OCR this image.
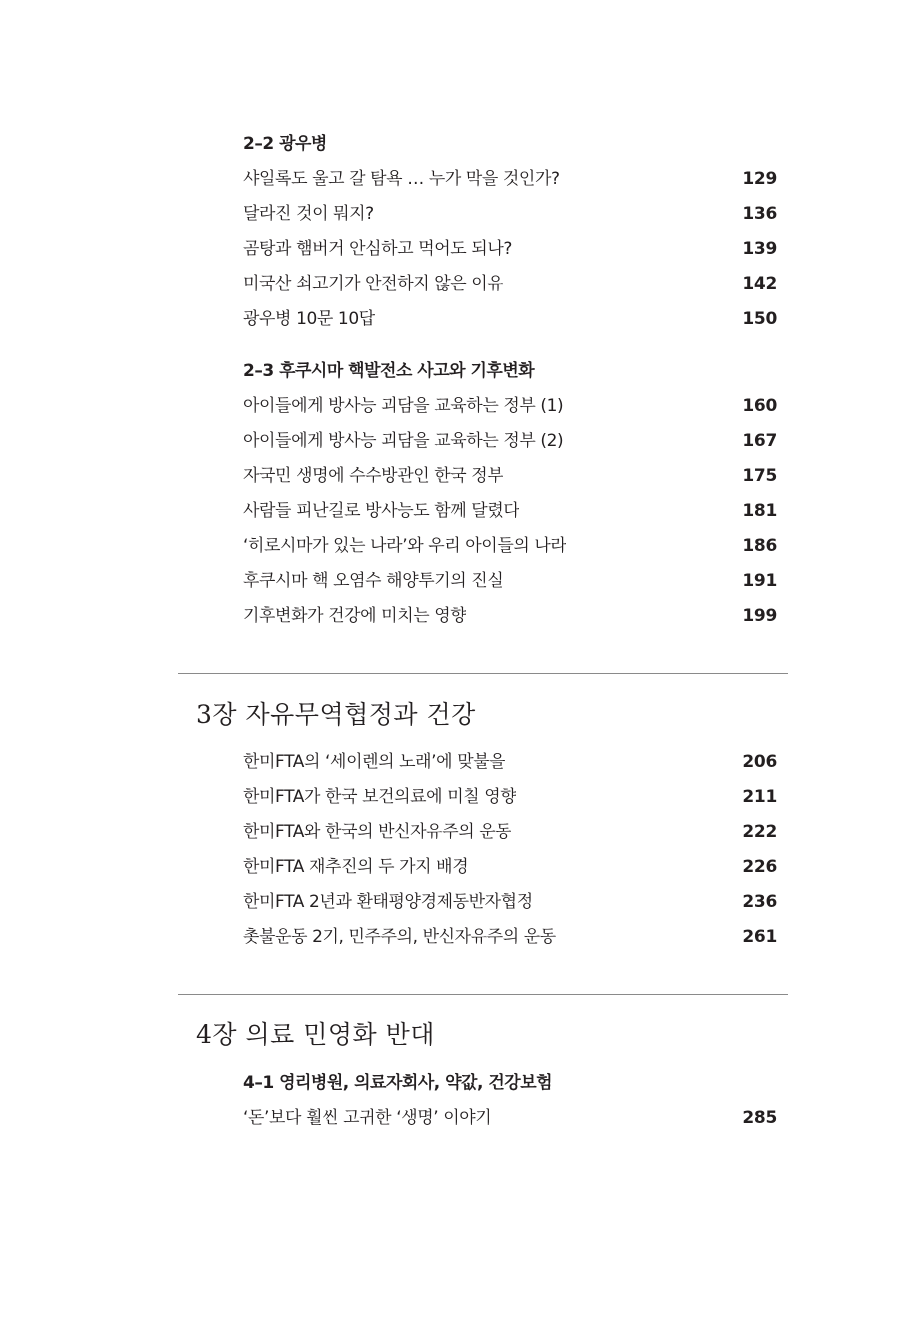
2–2 광우병
샤일록도 울고 갈 탐욕 … 누가 막을 것인가?	129
달라진 것이 뭐지?	136
곰탕과 햄버거 안심하고 먹어도 되나?	139
미국산 쇠고기가 안전하지 않은 이유	142
광우병 10문 10답	150
2–3 후쿠시마 핵발전소 사고와 기후변화
아이들에게 방사능 괴담을 교육하는 정부 (1)	160
아이들에게 방사능 괴담을 교육하는 정부 (2)	167
자국민 생명에 수수방관인 한국 정부	175
사람들 피난길로 방사능도 함께 달렸다	181
‘히로시마가 있는 나라’와 우리 아이들의 나라	186
후쿠시마 핵 오염수 해양투기의 진실	191
기후변화가 건강에 미치는 영향	199
3장 자유무역협정과 건강
한미FTA의 ‘세이렌의 노래’에 맞불을	206
한미FTA가 한국 보건의료에 미칠 영향	211
한미FTA와 한국의 반신자유주의 운동	222
한미FTA 재추진의 두 가지 배경	226
한미FTA 2년과 환태평양경제동반자협정	236
촛불운동 2기, 민주주의, 반신자유주의 운동	261
4장 의료 민영화 반대
4–1 영리병원, 의료자회사, 약값, 건강보험
‘돈’보다 훨씬 고귀한 ‘생명’ 이야기	285
